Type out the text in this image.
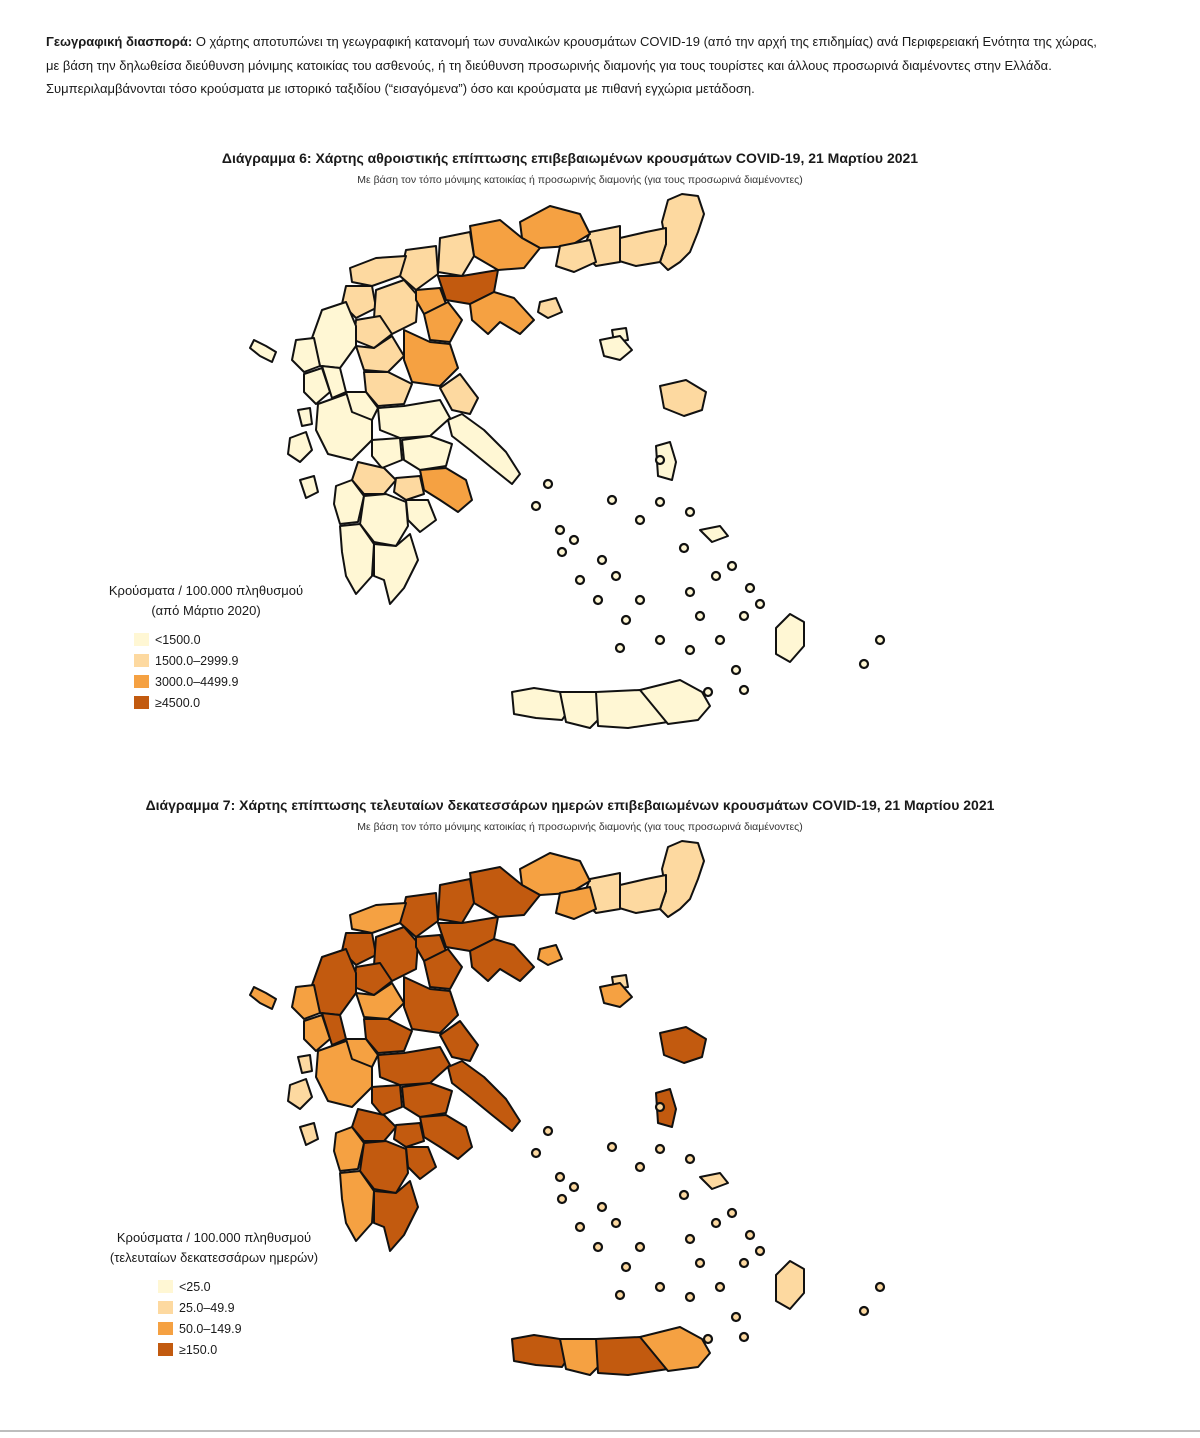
Γεωγραφική διασπορά: Ο χάρτης αποτυπώνει τη γεωγραφική κατανομή των συναλικών κρουσμάτων COVID-19 (από την αρχή της επιδημίας) ανά Περιφερειακή Ενότητα της χώρας, με βάση την δηλωθείσα διεύθυνση μόνιμης κατοικίας του ασθενούς, ή τη διεύθυνση προσωρινής διαμονής για τους τουρίστες και άλλους προσωρινά διαμένοντες στην Ελλάδα. Συμπεριλαμβάνονται τόσο κρούσματα με ιστορικό ταξιδίου (“εισαγόμενα”) όσο και κρούσματα με πιθανή εγχώρια μετάδοση.
Διάγραμμα 6: Χάρτης αθροιστικής επίπτωσης επιβεβαιωμένων κρουσμάτων COVID-19, 21 Μαρτίου 2021
Με βάση τον τόπο μόνιμης κατοικίας ή προσωρινής διαμονής (για τους προσωρινά διαμένοντες)
Κρούσματα / 100.000 πληθυσμού
(από Μάρτιο 2020)
<1500.0
1500.0–2999.9
3000.0–4499.9
≥4500.0
Διάγραμμα 7: Χάρτης επίπτωσης τελευταίων δεκατεσσάρων ημερών επιβεβαιωμένων κρουσμάτων COVID-19, 21 Μαρτίου 2021
Με βάση τον τόπο μόνιμης κατοικίας ή προσωρινής διαμονής (για τους προσωρινά διαμένοντες)
Κρούσματα / 100.000 πληθυσμού
(τελευταίων δεκατεσσάρων ημερών)
<25.0
25.0–49.9
50.0–149.9
≥150.0
